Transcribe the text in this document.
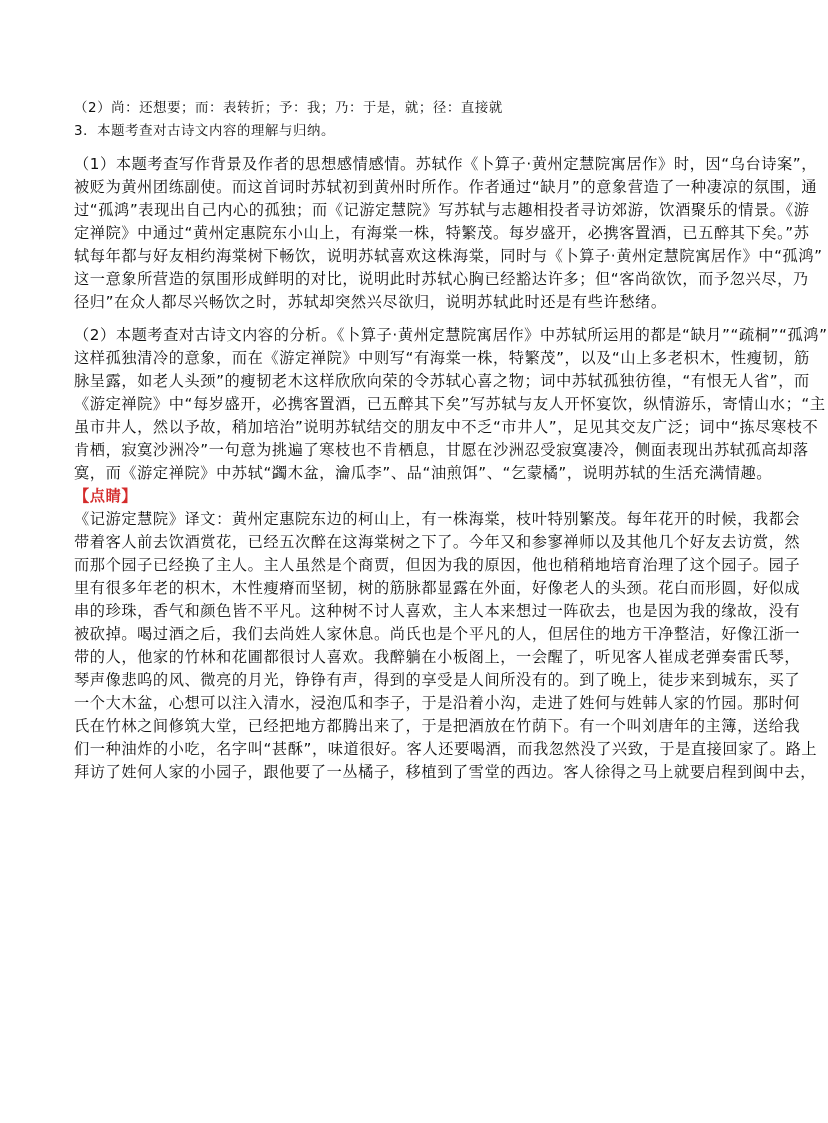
（2）尚：还想要；而：表转折；予：我；乃：于是，就；径：直接就
3．本题考查对古诗文内容的理解与归纳。
（1）本题考查写作背景及作者的思想感情感情。苏轼作《卜算子·黄州定慧院寓居作》时，因“乌台诗案”，
被贬为黄州团练副使。而这首词时苏轼初到黄州时所作。作者通过“缺月”的意象营造了一种凄凉的氛围，通
过“孤鸿”表现出自己内心的孤独；而《记游定慧院》写苏轼与志趣相投者寻访郊游，饮酒聚乐的情景。《游
定禅院》中通过“黄州定惠院东小山上，有海棠一株，特繁茂。每岁盛开，必携客置酒，已五醉其下矣。”苏
轼每年都与好友相约海棠树下畅饮，说明苏轼喜欢这株海棠，同时与《卜算子·黄州定慧院寓居作》中“孤鸿”
这一意象所营造的氛围形成鲜明的对比，说明此时苏轼心胸已经豁达许多；但“客尚欲饮，而予忽兴尽，乃
径归”在众人都尽兴畅饮之时，苏轼却突然兴尽欲归，说明苏轼此时还是有些许愁绪。
（2）本题考查对古诗文内容的分析。《卜算子·黄州定慧院寓居作》中苏轼所运用的都是“缺月”“疏桐”“孤鸿”
这样孤独清冷的意象，而在《游定禅院》中则写“有海棠一株，特繁茂”，以及“山上多老枳木，性瘦韧，筋
脉呈露，如老人头颈”的瘦韧老木这样欣欣向荣的令苏轼心喜之物；词中苏轼孤独彷徨，“有恨无人省”，而
《游定禅院》中“每岁盛开，必携客置酒，已五醉其下矣”写苏轼与友人开怀宴饮，纵情游乐，寄情山水；“主
虽市井人，然以予故，稍加培治”说明苏轼结交的朋友中不乏“市井人”，足见其交友广泛；词中“拣尽寒枝不
肯栖，寂寞沙洲冷”一句意为挑遍了寒枝也不肯栖息，甘愿在沙洲忍受寂寞凄冷，侧面表现出苏轼孤高却落
寞，而《游定禅院》中苏轼“蠲木盆，瀹瓜李”、品“油煎饵”、“乞蒙橘”，说明苏轼的生活充满情趣。
【点睛】
《记游定慧院》译文：黄州定惠院东边的柯山上，有一株海棠，枝叶特别繁茂。每年花开的时候，我都会
带着客人前去饮酒赏花，已经五次醉在这海棠树之下了。今年又和参寥禅师以及其他几个好友去访赏，然
而那个园子已经换了主人。主人虽然是个商贾，但因为我的原因，他也稍稍地培育治理了这个园子。园子
里有很多年老的枳木，木性瘦瘠而坚韧，树的筋脉都显露在外面，好像老人的头颈。花白而形圆，好似成
串的珍珠，香气和颜色皆不平凡。这种树不讨人喜欢，主人本来想过一阵砍去，也是因为我的缘故，没有
被砍掉。喝过酒之后，我们去尚姓人家休息。尚氏也是个平凡的人，但居住的地方干净整洁，好像江浙一
带的人，他家的竹林和花圃都很讨人喜欢。我醉躺在小板阁上，一会醒了，听见客人崔成老弹奏雷氏琴，
琴声像悲呜的风、微亮的月光，铮铮有声，得到的享受是人间所没有的。到了晚上，徒步来到城东，买了
一个大木盆，心想可以注入清水，浸泡瓜和李子，于是沿着小沟，走进了姓何与姓韩人家的竹园。那时何
氏在竹林之间修筑大堂，已经把地方都腾出来了，于是把酒放在竹荫下。有一个叫刘唐年的主簿，送给我
们一种油炸的小吃，名字叫“甚酥”，味道很好。客人还要喝酒，而我忽然没了兴致，于是直接回家了。路上
拜访了姓何人家的小园子，跟他要了一丛橘子，移植到了雪堂的西边。客人徐得之马上就要启程到闽中去，
